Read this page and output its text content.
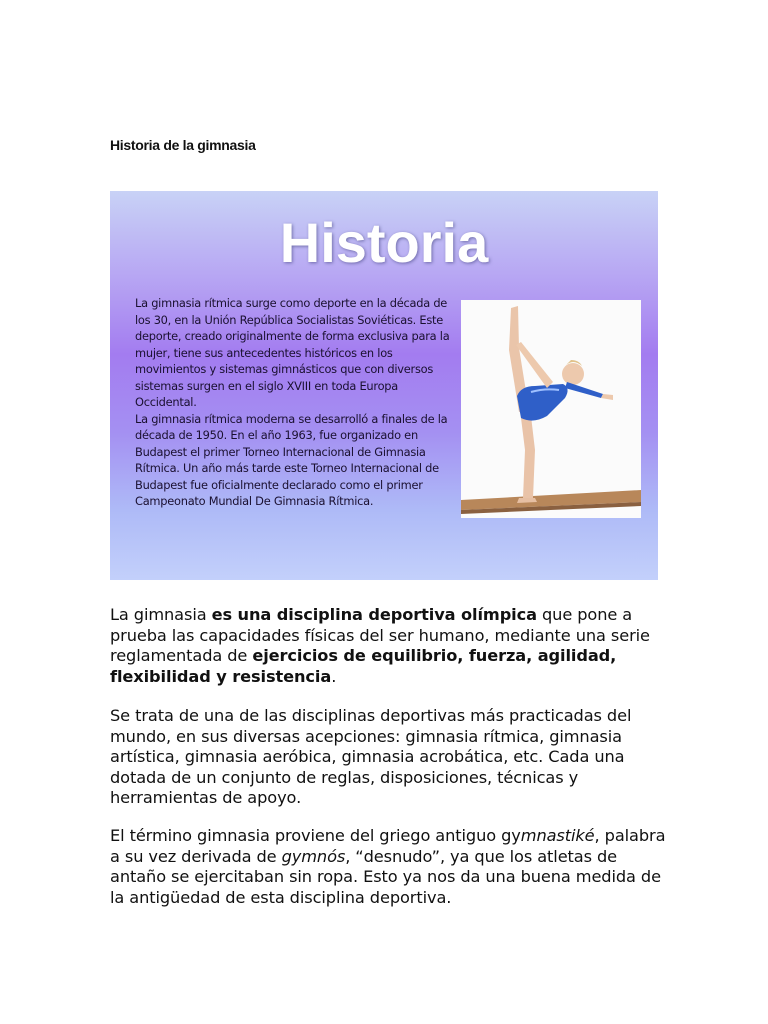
Historia de la gimnasia
Historia

La gimnasia rítmica surge como deporte en la década de los 30, en la Unión República Socialistas Soviéticas. Este deporte, creado originalmente de forma exclusiva para la mujer, tiene sus antecedentes históricos en los movimientos y sistemas gimnásticos que con diversos sistemas surgen en el siglo XVIII en toda Europa Occidental.

La gimnasia rítmica moderna se desarrolló a finales de la década de 1950. En el año 1963, fue organizado en Budapest el primer Torneo Internacional de Gimnasia Rítmica. Un año más tarde este Torneo Internacional de Budapest fue oficialmente declarado como el primer Campeonato Mundial De Gimnasia Rítmica.

La gimnasia es una disciplina deportiva olímpica que pone a prueba las capacidades físicas del ser humano, mediante una serie reglamentada de ejercicios de equilibrio, fuerza, agilidad, flexibilidad y resistencia.

Se trata de una de las disciplinas deportivas más practicadas del mundo, en sus diversas acepciones: gimnasia rítmica, gimnasia artística, gimnasia aeróbica, gimnasia acrobática, etc. Cada una dotada de un conjunto de reglas, disposiciones, técnicas y herramientas de apoyo.

El término gimnasia proviene del griego antiguo gymnastiké, palabra a su vez derivada de gymnós, “desnudo”, ya que los atletas de antaño se ejercitaban sin ropa. Esto ya nos da una buena medida de la antigüedad de esta disciplina deportiva.
